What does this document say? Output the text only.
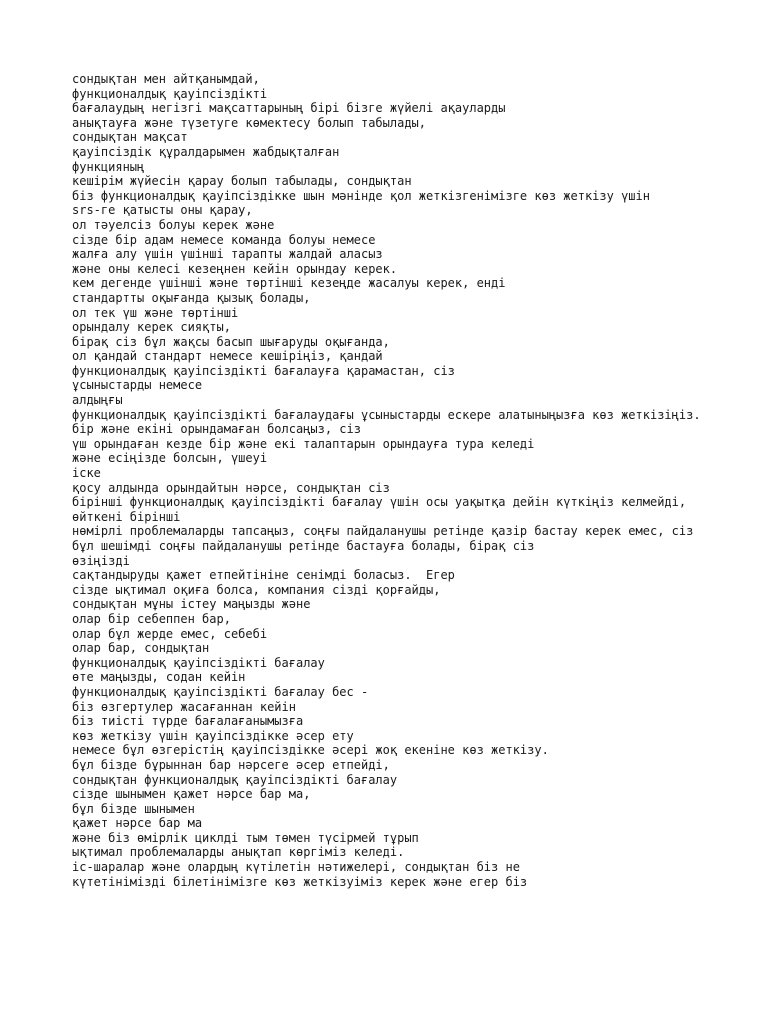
сондықтан мен айтқанымдай,
функционалдық қауіпсіздікті
бағалаудың негізгі мақсаттарының бірі бізге жүйелі ақауларды
анықтауға және түзетуге көмектесу болып табылады,
сондықтан мақсат
қауіпсіздік құралдарымен жабдықталған
функцияның
кешірім жүйесін қарау болып табылады, сондықтан
біз функционалдық қауіпсіздікке шын мәнінде қол жеткізгенімізге көз жеткізу үшін
srs-ге қатысты оны қарау,
ол тәуелсіз болуы керек және
сізде бір адам немесе команда болуы немесе
жалға алу үшін үшінші тарапты жалдай аласыз
және оны келесі кезеңнен кейін орындау керек.
кем дегенде үшінші және төртінші кезеңде жасалуы керек, енді
стандартты оқығанда қызық болады,
ол тек үш және төртінші
орындалу керек сияқты,
бірақ сіз бұл жақсы басып шығаруды оқығанда,
ол қандай стандарт немесе кешіріңіз, қандай
функционалдық қауіпсіздікті бағалауға қарамастан, сіз
ұсыныстарды немесе
алдыңғы
функционалдық қауіпсіздікті бағалаудағы ұсыныстарды ескере алатыныңызға көз жеткізіңіз.
бір және екіні орындамаған болсаңыз, сіз
үш орындаған кезде бір және екі талаптарын орындауға тура келеді
және есіңізде болсын, үшеуі
іске
қосу алдында орындайтын нәрсе, сондықтан сіз
бірінші функционалдық қауіпсіздікті бағалау үшін осы уақытқа дейін күткіңіз келмейді,
өйткені бірінші
нөмірлі проблемаларды тапсаңыз, соңғы пайдаланушы ретінде қазір бастау керек емес, сіз
бұл шешімді соңғы пайдаланушы ретінде бастауға болады, бірақ сіз
өзіңізді
сақтандыруды қажет етпейтініне сенімді боласыз.  Егер
сізде ықтимал оқиға болса, компания сізді қорғайды,
сондықтан мұны істеу маңызды және
олар бір себеппен бар,
олар бұл жерде емес, себебі
олар бар, сондықтан
функционалдық қауіпсіздікті бағалау
өте маңызды, содан кейін
функционалдық қауіпсіздікті бағалау бес -
біз өзгертулер жасағаннан кейін
біз тиісті түрде бағалағанымызға
көз жеткізу үшін қауіпсіздікке әсер ету
немесе бұл өзгерістің қауіпсіздікке әсері жоқ екеніне көз жеткізу.
бұл бізде бұрыннан бар нәрсеге әсер етпейді,
сондықтан функционалдық қауіпсіздікті бағалау
сізде шынымен қажет нәрсе бар ма,
бұл бізде шынымен
қажет нәрсе бар ма
және біз өмірлік циклді тым төмен түсірмей тұрып
ықтимал проблемаларды анықтап көргіміз келеді.
іс-шаралар және олардың күтілетін нәтижелері, сондықтан біз не
күтетінімізді білетінімізге көз жеткізуіміз керек және егер біз
